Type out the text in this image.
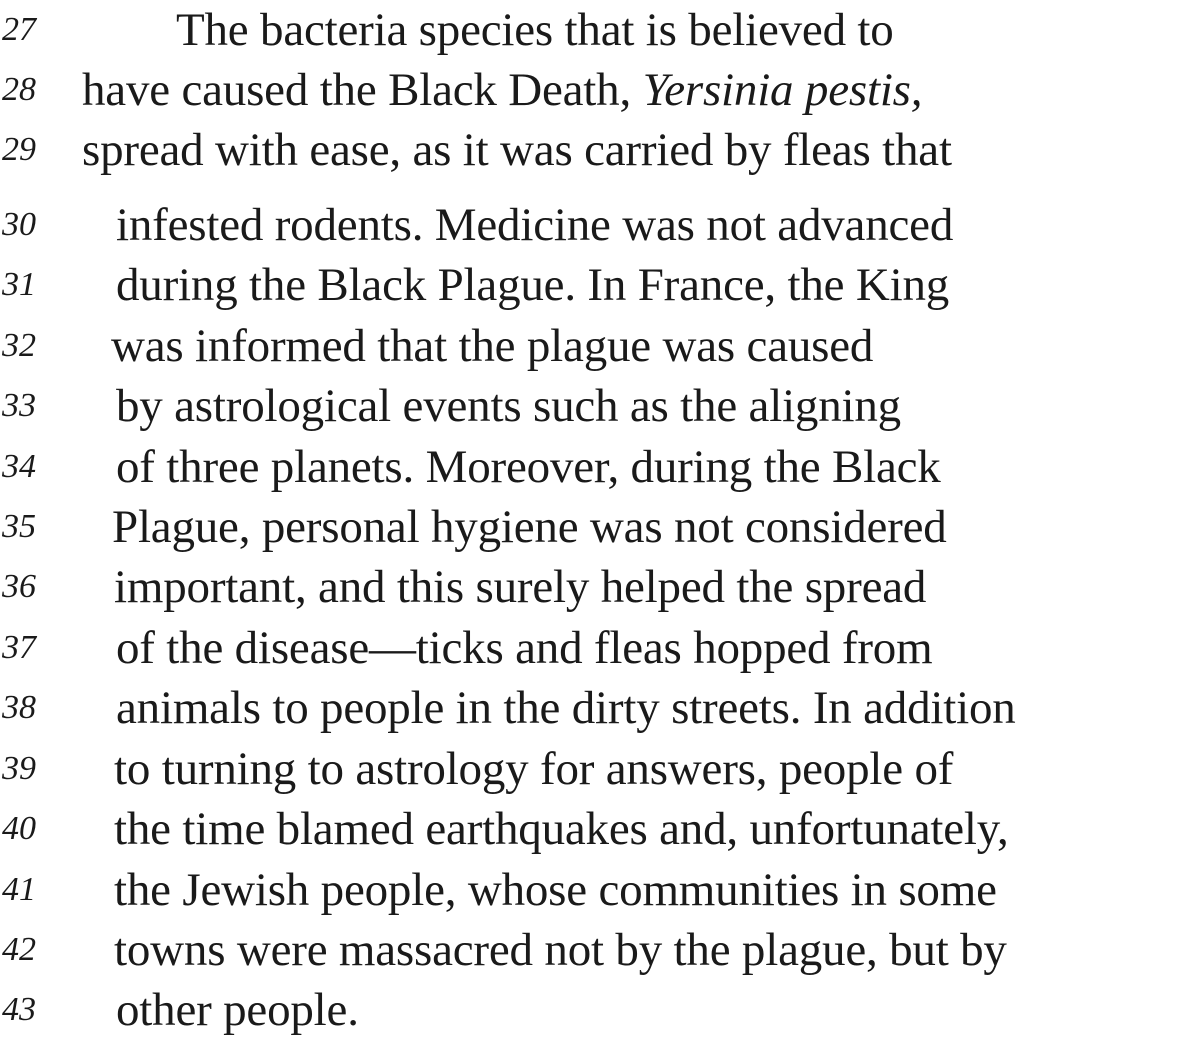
27	The bacteria species that is believed to
28 have caused the Black Death, Yersinia pestis,
29 spread with ease, as it was carried by fleas that
30 infested rodents. Medicine was not advanced
31 during the Black Plague. In France, the King
32 was informed that the plague was caused
33 by astrological events such as the aligning
34 of three planets. Moreover, during the Black
35 Plague, personal hygiene was not considered
36 important, and this surely helped the spread
37 of the disease—ticks and fleas hopped from
38 animals to people in the dirty streets. In addition
39 to turning to astrology for answers, people of
40 the time blamed earthquakes and, unfortunately,
41 the Jewish people, whose communities in some
42 towns were massacred not by the plague, but by
43 other people.
